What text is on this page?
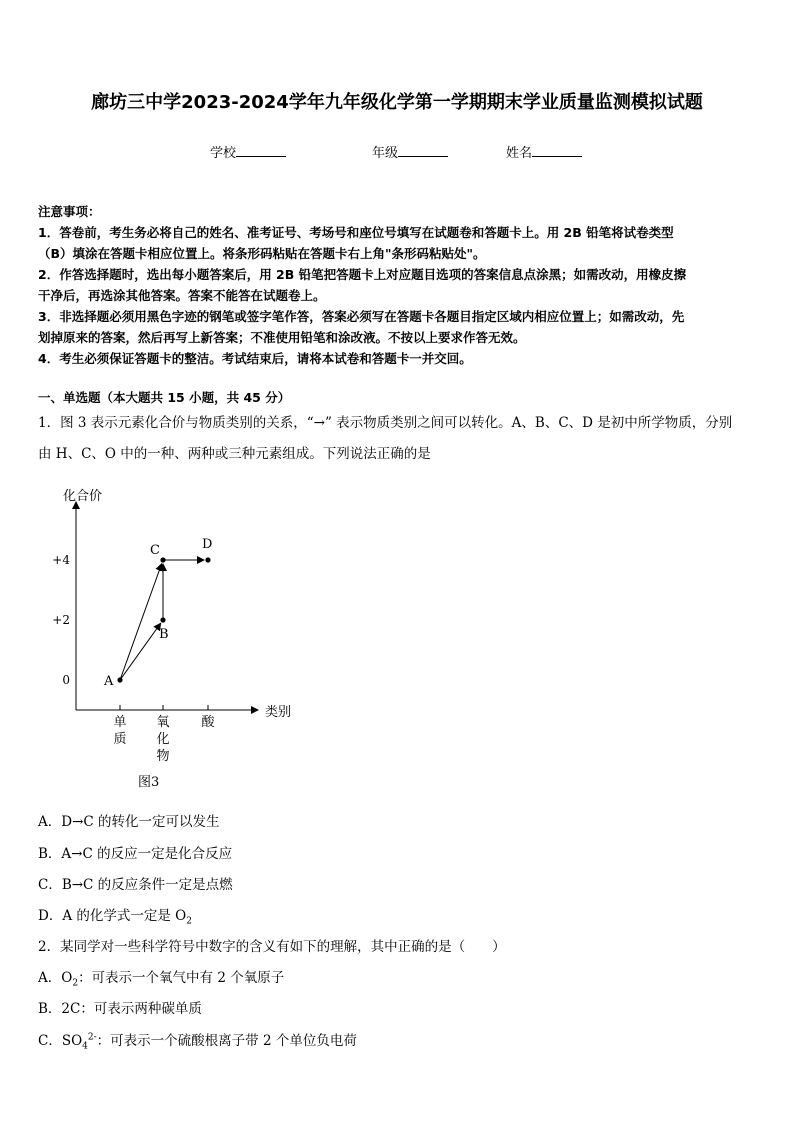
廊坊三中学2023-2024学年九年级化学第一学期期末学业质量监测模拟试题
学校	年级	姓名

注意事项：

1．答卷前，考生务必将自己的姓名、准考证号、考场号和座位号填写在试题卷和答题卡上。用 2B 铅笔将试卷类型

（B）填涂在答题卡相应位置上。将条形码粘贴在答题卡右上角"条形码粘贴处"。

2．作答选择题时，选出每小题答案后，用 2B 铅笔把答题卡上对应题目选项的答案信息点涂黑；如需改动，用橡皮擦

干净后，再选涂其他答案。答案不能答在试题卷上。

3．非选择题必须用黑色字迹的钢笔或签字笔作答，答案必须写在答题卡各题目指定区域内相应位置上；如需改动，先

划掉原来的答案，然后再写上新答案；不准使用铅笔和涂改液。不按以上要求作答无效。

4．考生必须保证答题卡的整洁。考试结束后，请将本试卷和答题卡一并交回。

一、单选题（本大题共 15 小题，共 45 分）
1．图 3 表示元素化合价与物质类别的关系，“→” 表示物质类别之间可以转化。A、B、C、D 是初中所学物质，分别
由 H、C、O 中的一种、两种或三种元素组成。下列说法正确的是
化合价
类别
+4
+2
0
单质
氧化物
酸
A
B
C	D
图3
A．D→C 的转化一定可以发生
B．A→C 的反应一定是化合反应
C．B→C 的反应条件一定是点燃
D．A 的化学式一定是 $O_2$
2．某同学对一些科学符号中数字的含义有如下的理解，其中正确的是（　　）
A．$O_2$：可表示一个氧气中有 2 个氧原子
B．2C：可表示两种碳单质
C．$SO_4^{2-}$：可表示一个硫酸根离子带 2 个单位负电荷
